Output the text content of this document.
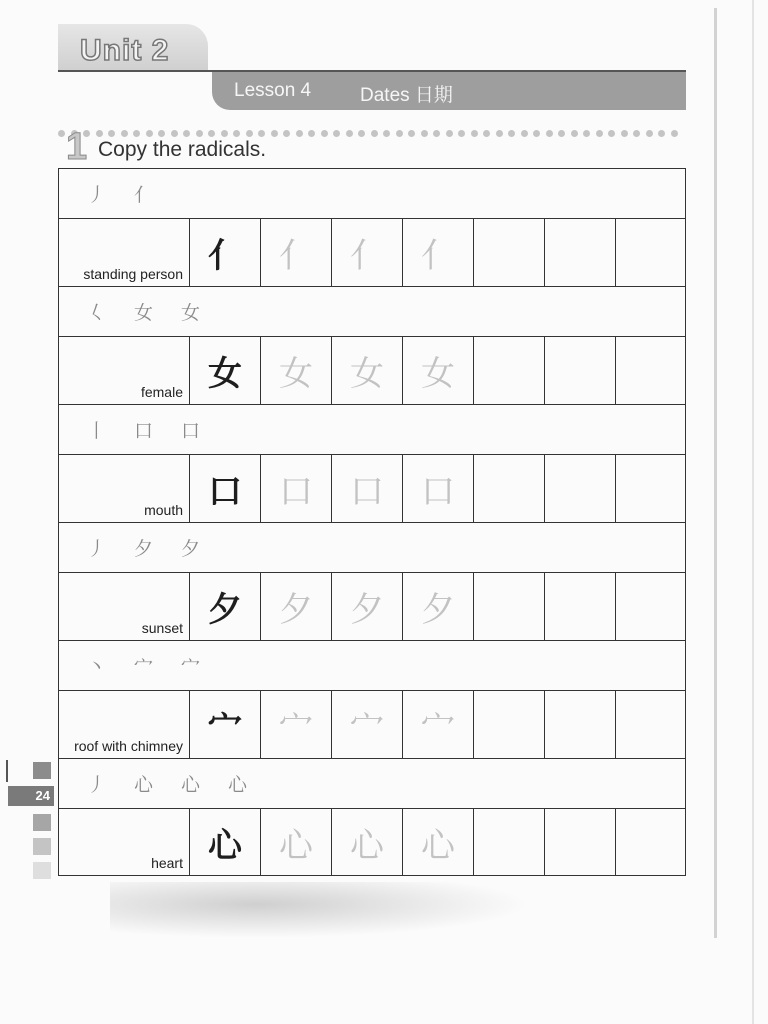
Unit 2
Lesson 4	Dates 日期
1 Copy the radicals.
丿 亻
standing person 亻	亻	亻	亻
𡿨 女 女
female 女	女	女	女
丨 口 口
mouth 口	口	口	口
丿 夕 夕
sunset 夕	夕	夕	夕
丶 宀 宀
roof with chimney 宀	宀	宀	宀
丿 心 心 心
heart 心	心	心	心
24
